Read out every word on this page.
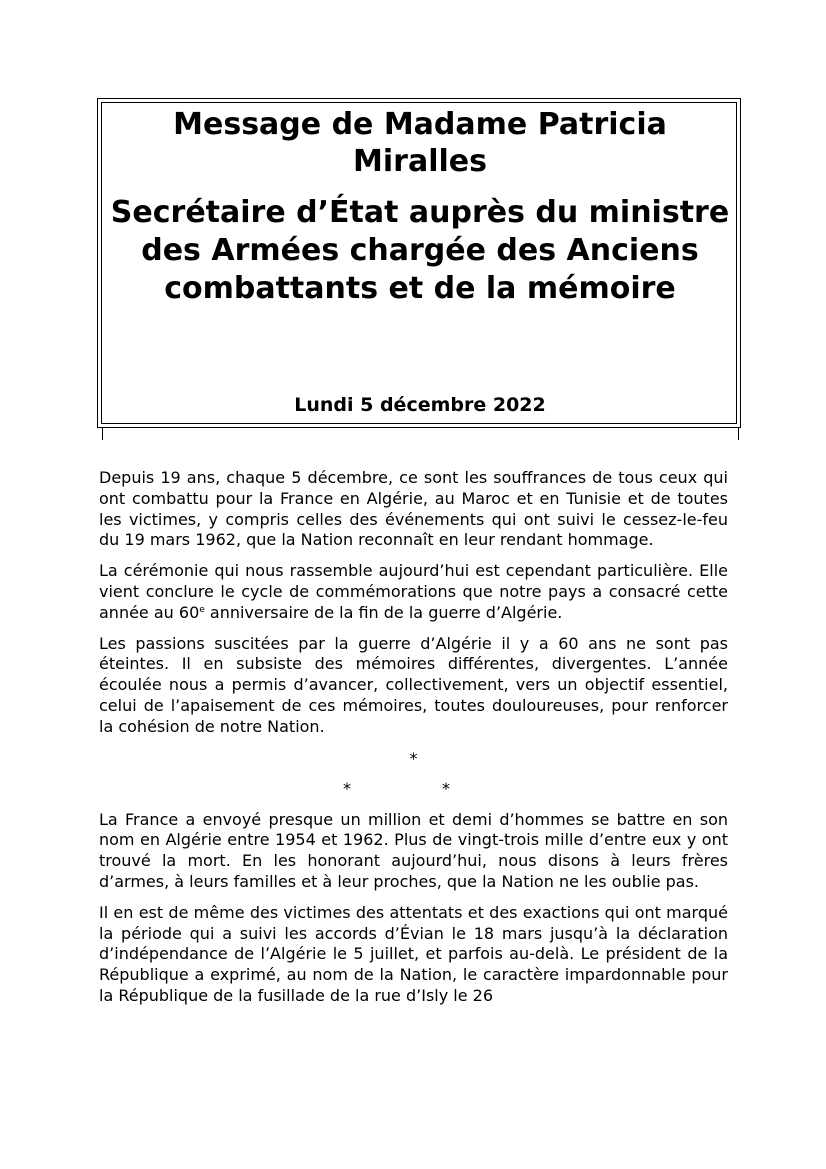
Message de Madame Patricia Miralles

Secrétaire d’État auprès du ministre des Armées chargée des Anciens combattants et de la mémoire

Lundi 5 décembre 2022

Depuis 19 ans, chaque 5 décembre, ce sont les souffrances de tous ceux qui ont combattu pour la France en Algérie, au Maroc et en Tunisie et de toutes les victimes, y compris celles des événements qui ont suivi le cessez-le-feu du 19 mars 1962, que la Nation reconnaît en leur rendant hommage.

La cérémonie qui nous rassemble aujourd’hui est cependant particulière. Elle vient conclure le cycle de commémorations que notre pays a consacré cette année au 60e anniversaire de la fin de la guerre d’Algérie.

Les passions suscitées par la guerre d’Algérie il y a 60 ans ne sont pas éteintes. Il en subsiste des mémoires différentes, divergentes. L’année écoulée nous a permis d’avancer, collectivement, vers un objectif essentiel, celui de l’apaisement de ces mémoires, toutes douloureuses, pour renforcer la cohésion de notre Nation.

*
*	*

La France a envoyé presque un million et demi d’hommes se battre en son nom en Algérie entre 1954 et 1962. Plus de vingt-trois mille d’entre eux y ont trouvé la mort. En les honorant aujourd’hui, nous disons à leurs frères d’armes, à leurs familles et à leur proches, que la Nation ne les oublie pas.

Il en est de même des victimes des attentats et des exactions qui ont marqué la période qui a suivi les accords d’Évian le 18 mars jusqu’à la déclaration d’indépendance de l’Algérie le 5 juillet, et parfois au-delà. Le président de la République a exprimé, au nom de la Nation, le caractère impardonnable pour la République de la fusillade de la rue d’Isly le 26
